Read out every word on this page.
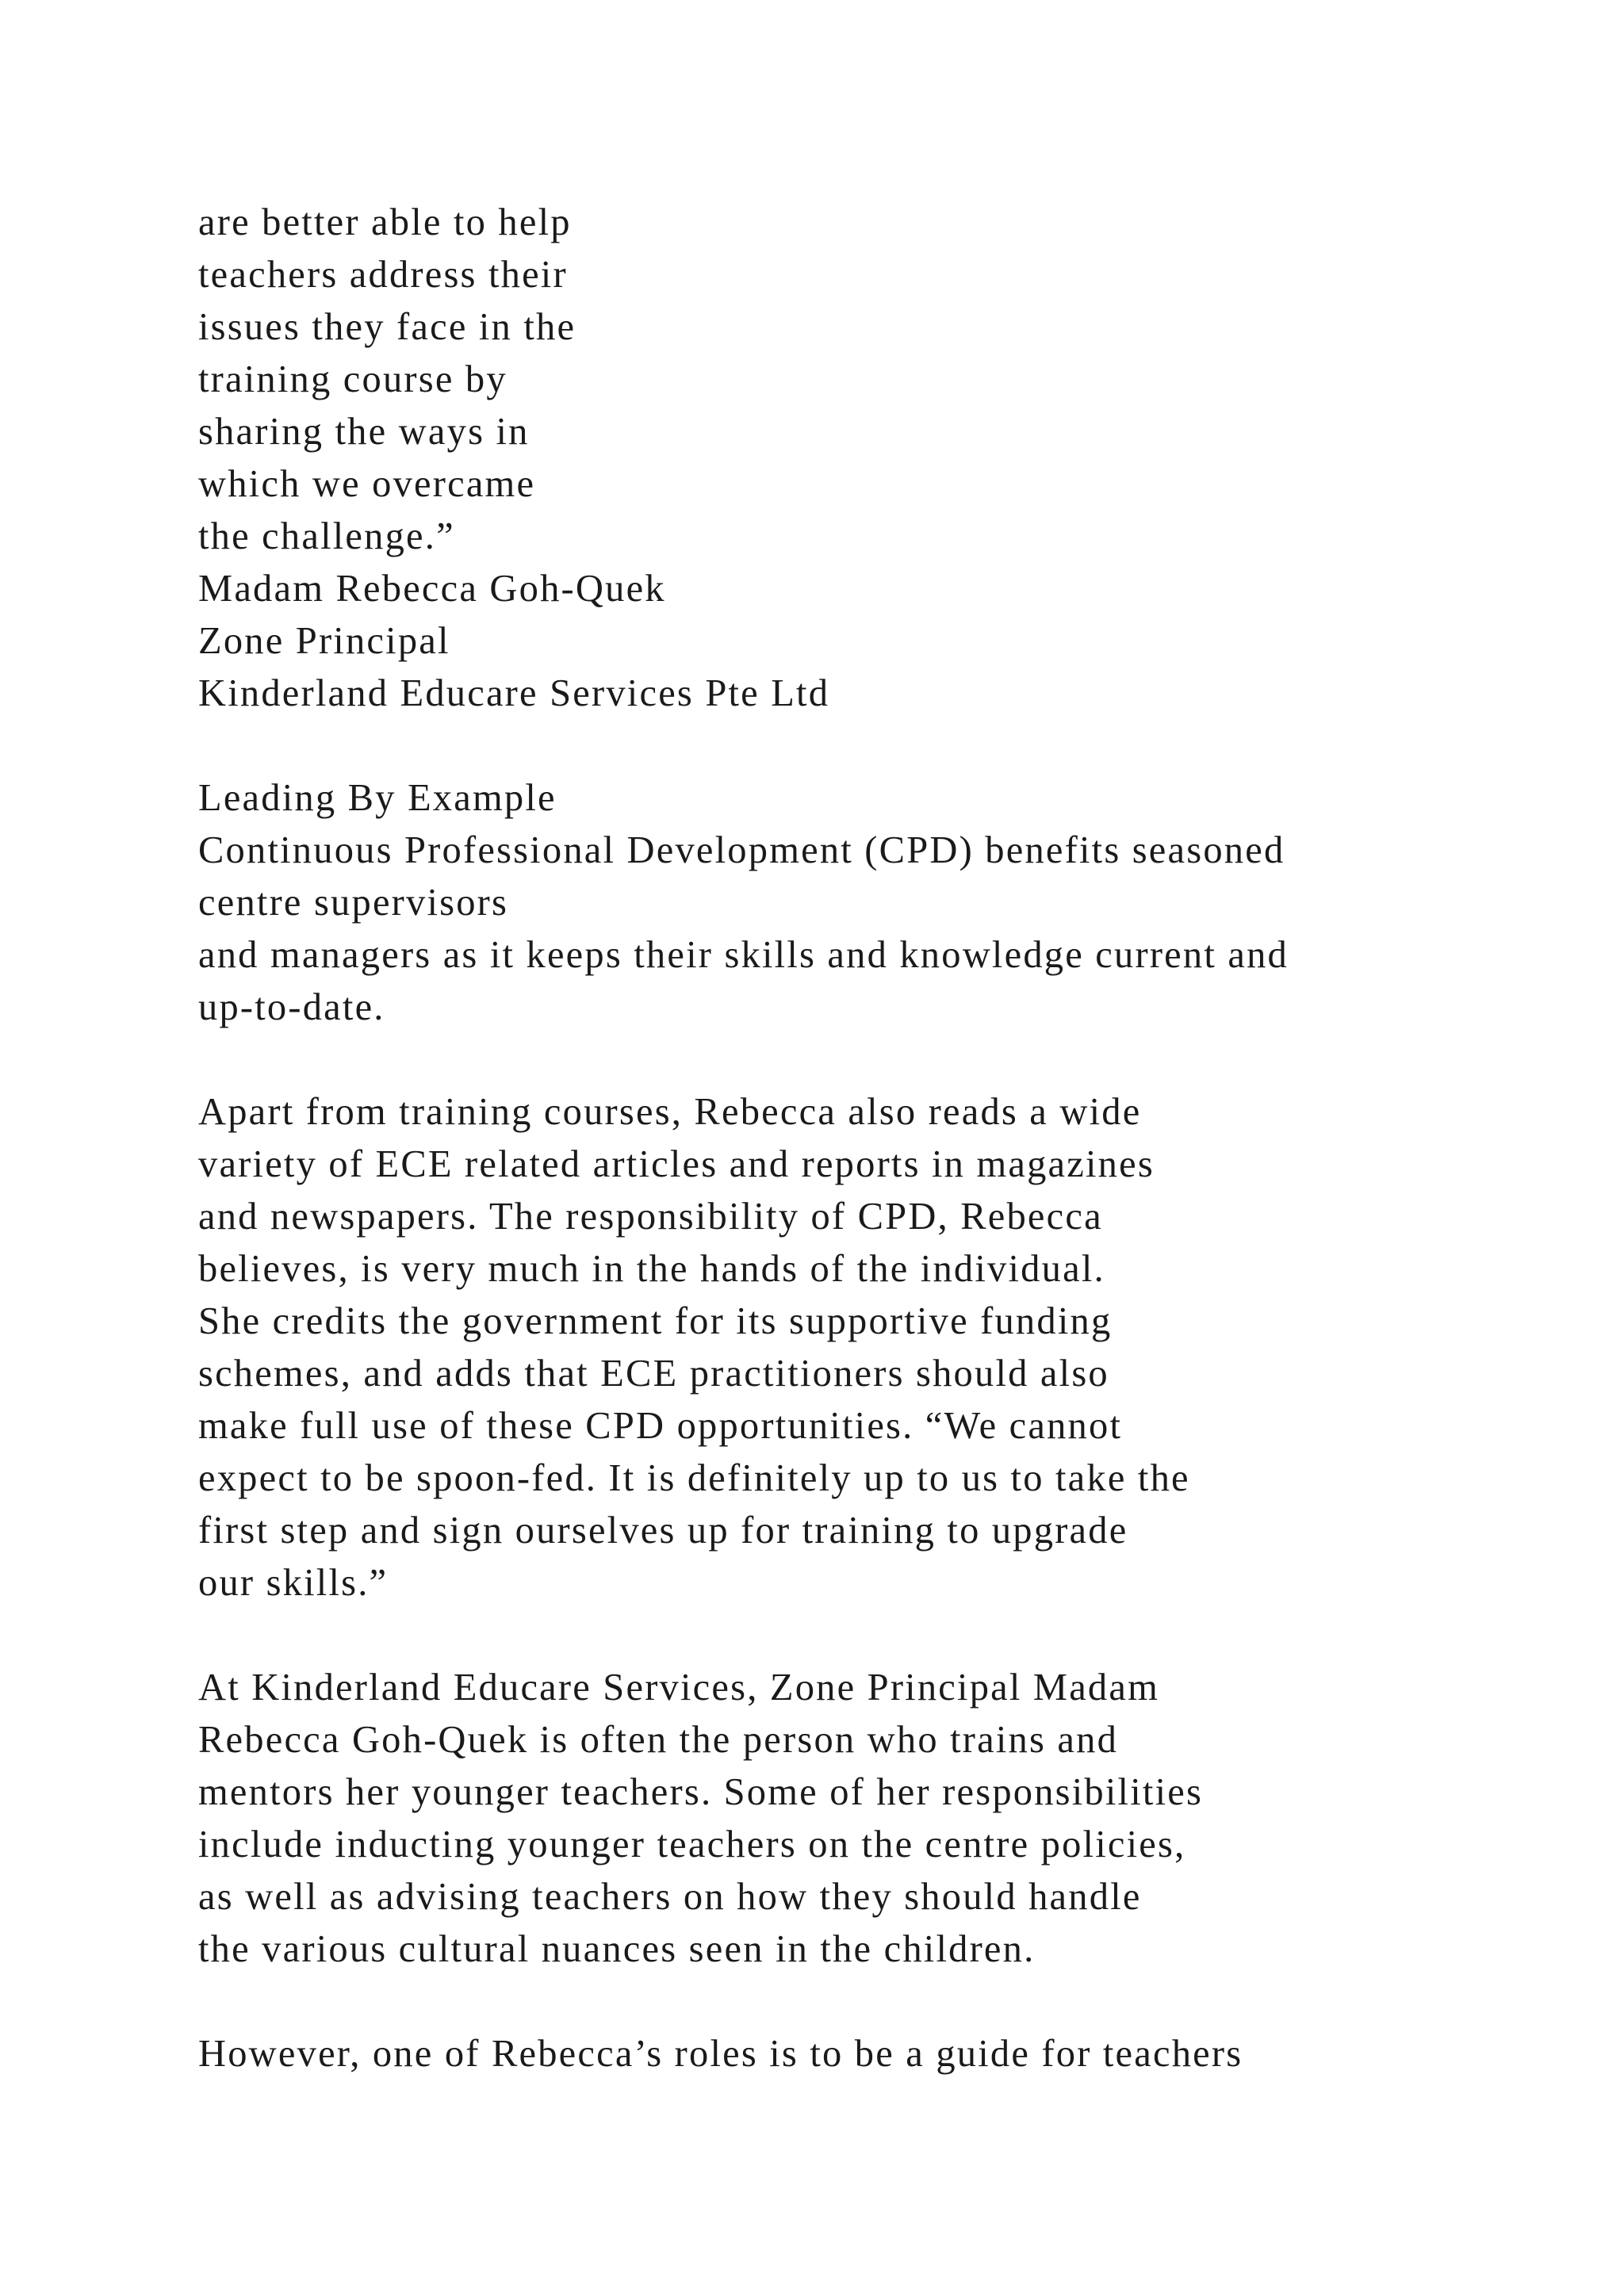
are better able to help
teachers address their
issues they face in the
training course by
sharing the ways in
which we overcame
the challenge.”
Madam Rebecca Goh-Quek
Zone Principal
Kinderland Educare Services Pte Ltd
Leading By Example
Continuous Professional Development (CPD) benefits seasoned
centre supervisors
and managers as it keeps their skills and knowledge current and
up-to-date.
Apart from training courses, Rebecca also reads a wide
variety of ECE related articles and reports in magazines
and newspapers. The responsibility of CPD, Rebecca
believes, is very much in the hands of the individual.
She credits the government for its supportive funding
schemes, and adds that ECE practitioners should also
make full use of these CPD opportunities. “We cannot
expect to be spoon-fed. It is definitely up to us to take the
first step and sign ourselves up for training to upgrade
our skills.”
At Kinderland Educare Services, Zone Principal Madam
Rebecca Goh-Quek is often the person who trains and
mentors her younger teachers. Some of her responsibilities
include inducting younger teachers on the centre policies,
as well as advising teachers on how they should handle
the various cultural nuances seen in the children.
However, one of Rebecca’s roles is to be a guide for teachers
